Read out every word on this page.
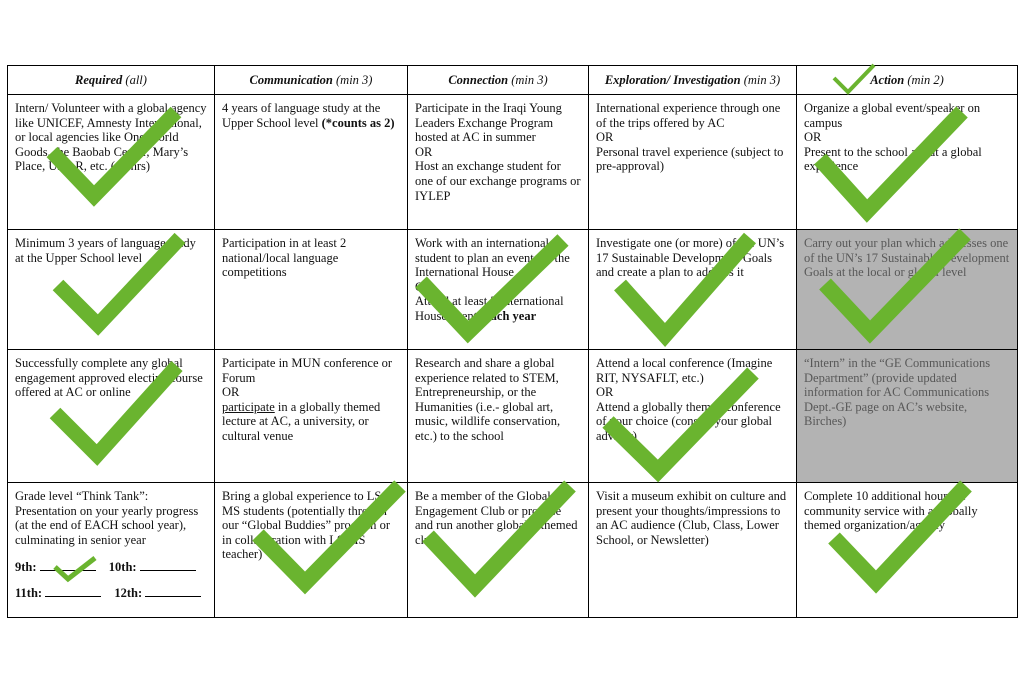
Required (all)	Communication (min 3)	Connection (min 3)	Exploration/ Investigation (min 3)	Action (min 2)
Intern/ Volunteer with a global agency like UNICEF, Amnesty International, or local agencies like One World Goods, the Baobab Center, Mary’s Place, UNAR, etc. (10 hrs)	4 years of language study at the Upper School level (*counts as 2)	Participate in the Iraqi Young Leaders Exchange Program hosted at AC in summer
OR
Host an exchange student for one of our exchange programs or IYLEP	International experience through one of the trips offered by AC
OR
Personal travel experience (subject to pre-approval)	Organize a global event/speaker on campus
OR
Present to the school about a global experience

Minimum 3 years of language study at the Upper School level	Participation in at least 2 national/local language competitions	Work with an international student to plan an event for the International House
OR
Attend at least 2 International House events each year	Investigate one (or more) of the UN’s 17 Sustainable Development Goals and create a plan to address it	Carry out your plan which addresses one of the UN’s 17 Sustainable Development Goals at the local or global level
Successfully complete any global engagement approved elective course offered at AC or online	Participate in MUN conference or Forum
OR
participate in a globally themed lecture at AC, a university, or cultural venue	Research and share a global experience related to STEM, Entrepreneurship, or the Humanities (i.e.- global art, music, wildlife conservation, etc.) to the school	Attend a local conference (Imagine RIT, NYSAFLT, etc.)
OR
Attend a globally themed conference of your choice (consult your global advisor)	“Intern” in the “GE Communications Department” (provide updated information for AC Communications Dept.-GE page on AC’s website, Birches)
Grade level “Think Tank”: Presentation on your yearly progress (at the end of EACH school year), culminating in senior year
9th: 10th:
11th: 12th:	Bring a global experience to LS or MS students (potentially through our “Global Buddies” program or in collaboration with LS/MS teacher)	Be a member of the Global Engagement Club or propose and run another globally themed club	Visit a museum exhibit on culture and present your thoughts/impressions to an AC audience (Club, Class, Lower School, or Newsletter)	Complete 10 additional hours of community service with a globally themed organization/agency
